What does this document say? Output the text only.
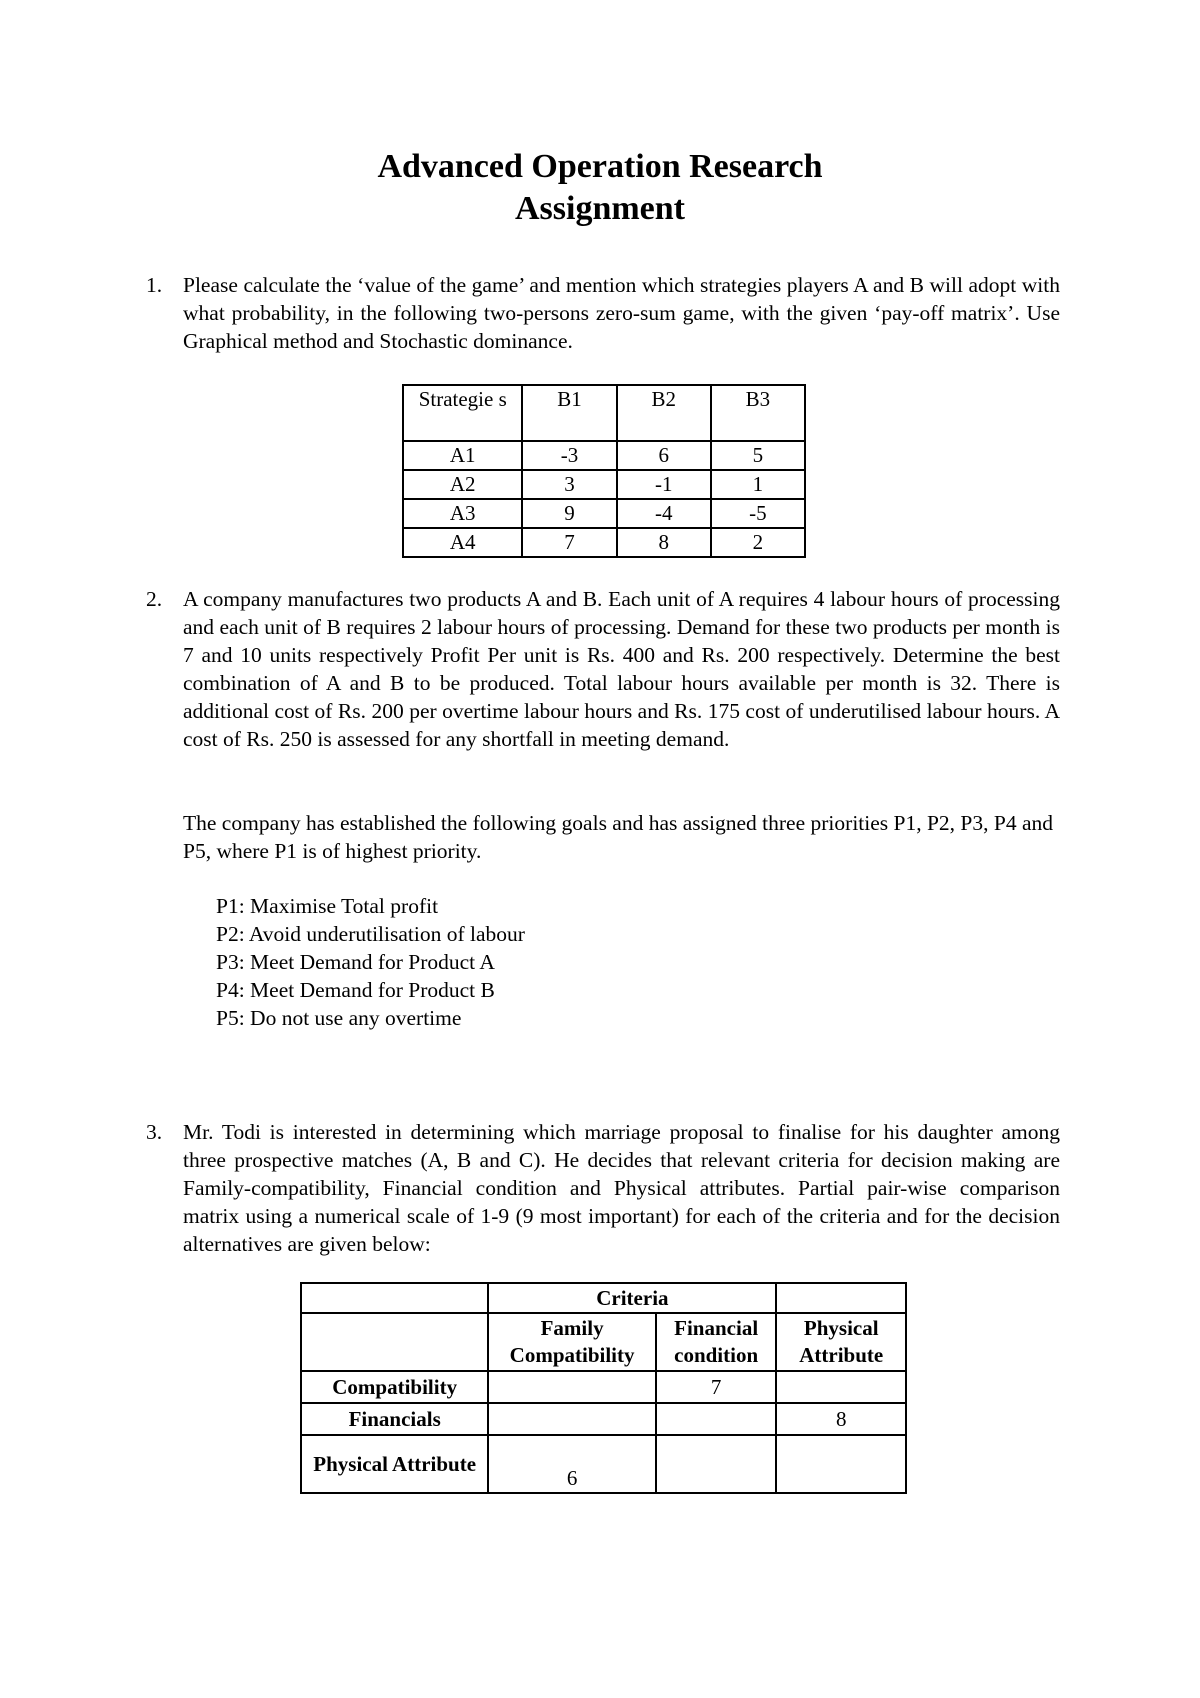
Advanced Operation Research
Assignment
1. Please calculate the ‘value of the game’ and mention which strategies players A and B will adopt with what probability, in the following two-persons zero-sum game, with the given ‘pay-off matrix’. Use Graphical method and Stochastic dominance.
Strategie s	B1	B2	B3
A1	-3	6	5
A2	3	-1	1
A3	9	-4	-5
A4	7	8	2
2. A company manufactures two products A and B. Each unit of A requires 4 labour hours of processing and each unit of B requires 2 labour hours of processing. Demand for these two products per month is 7 and 10 units respectively Profit Per unit is Rs. 400 and Rs. 200 respectively. Determine the best combination of A and B to be produced. Total labour hours available per month is 32. There is additional cost of Rs. 200 per overtime labour hours and Rs. 175 cost of underutilised labour hours. A cost of Rs. 250 is assessed for any shortfall in meeting demand.
The company has established the following goals and has assigned three priorities P1, P2, P3, P4 and P5, where P1 is of highest priority.
P1: Maximise Total profit
P2: Avoid underutilisation of labour
P3: Meet Demand for Product A
P4: Meet Demand for Product B
P5: Do not use any overtime
3. Mr. Todi is interested in determining which marriage proposal to finalise for his daughter among three prospective matches (A, B and C). He decides that relevant criteria for decision making are Family-compatibility, Financial condition and Physical attributes. Partial pair-wise comparison matrix using a numerical scale of 1-9 (9 most important) for each of the criteria and for the decision alternatives are given below:
	Criteria		
	Family Compatibility	Financial condition	Physical Attribute
Compatibility		7	
Financials			8
Physical Attribute	6		
